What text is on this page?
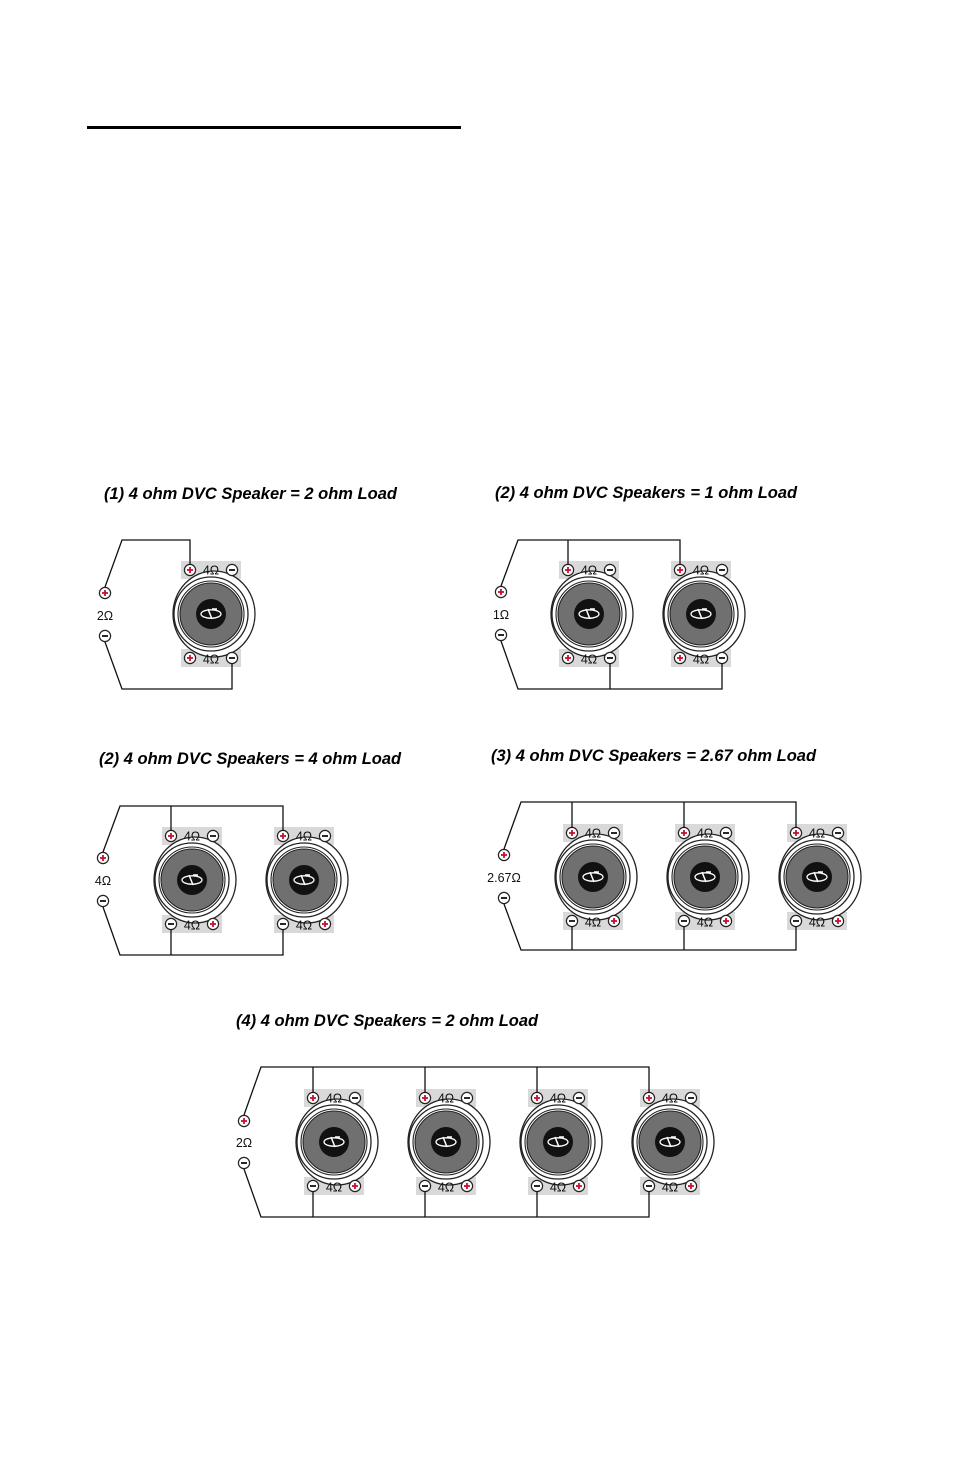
(1) 4 ohm DVC Speaker = 2 ohm Load	(2) 4 ohm DVC Speakers = 1 ohm Load

(2) 4 ohm DVC Speakers = 4 ohm Load	(3) 4 ohm DVC Speakers = 2.67 ohm Load

(4) 4 ohm DVC Speakers = 2 ohm Load

4Ω
4Ω
2Ω
4Ω
4Ω
4Ω
4Ω
1Ω
4Ω
4Ω
4Ω
4Ω
4Ω
4Ω
4Ω
4Ω
4Ω
4Ω
4Ω
2.67Ω
4Ω
4Ω
4Ω
4Ω
4Ω
4Ω
4Ω
4Ω
2Ω
